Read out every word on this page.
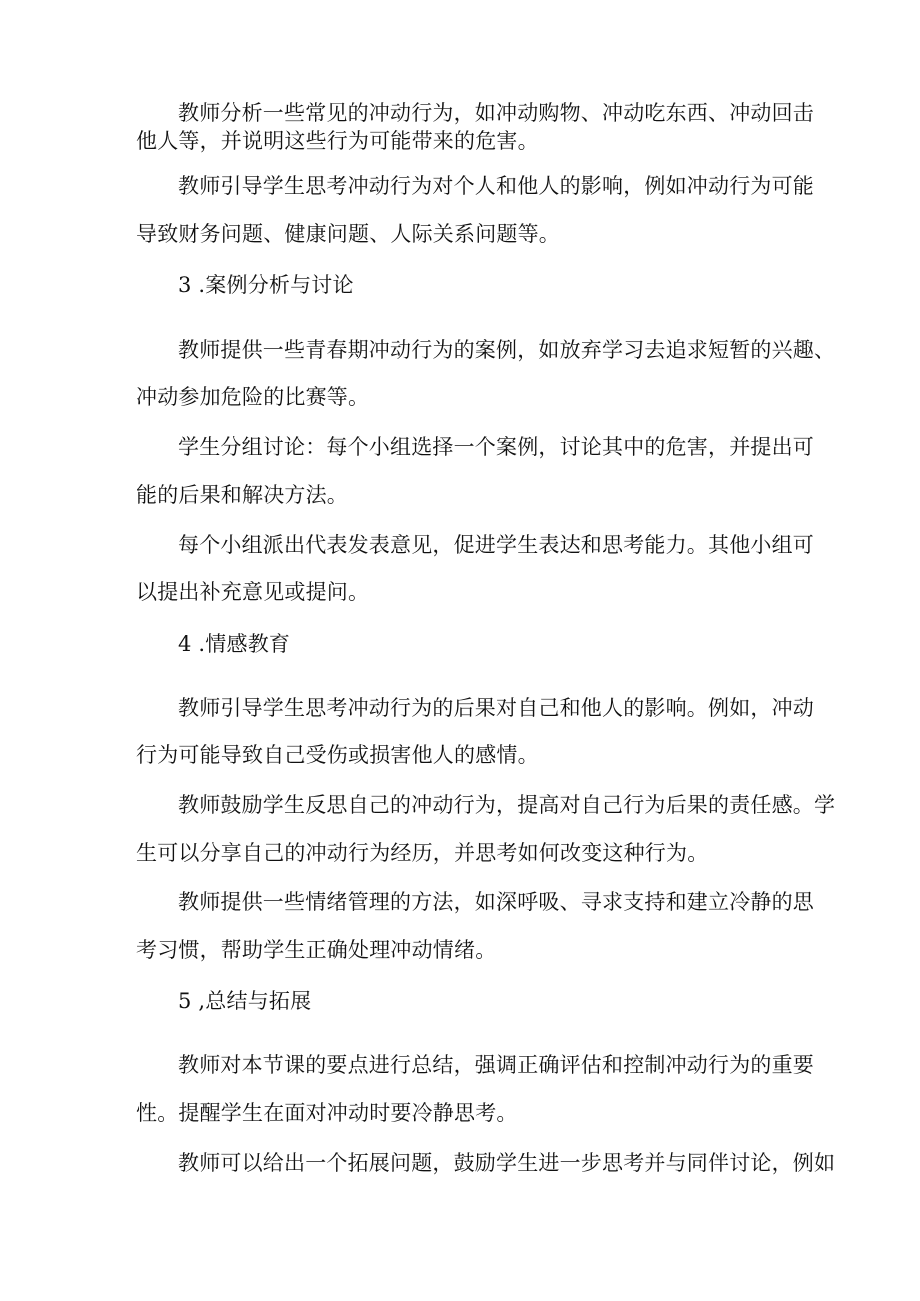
教师分析一些常见的冲动行为，如冲动购物、冲动吃东西、冲动回击
他人等，并说明这些行为可能带来的危害。
教师引导学生思考冲动行为对个人和他人的影响，例如冲动行为可能
导致财务问题、健康问题、人际关系问题等。
3 .案例分析与讨论
教师提供一些青春期冲动行为的案例，如放弃学习去追求短暂的兴趣、
冲动参加危险的比赛等。
学生分组讨论：每个小组选择一个案例，讨论其中的危害，并提出可
能的后果和解决方法。
每个小组派出代表发表意见，促进学生表达和思考能力。其他小组可
以提出补充意见或提问。
4 .情感教育
教师引导学生思考冲动行为的后果对自己和他人的影响。例如，冲动
行为可能导致自己受伤或损害他人的感情。
教师鼓励学生反思自己的冲动行为，提高对自己行为后果的责任感。学
生可以分享自己的冲动行为经历，并思考如何改变这种行为。
教师提供一些情绪管理的方法，如深呼吸、寻求支持和建立冷静的思
考习惯，帮助学生正确处理冲动情绪。
5 ,总结与拓展
教师对本节课的要点进行总结，强调正确评估和控制冲动行为的重要
性。提醒学生在面对冲动时要冷静思考。
教师可以给出一个拓展问题，鼓励学生进一步思考并与同伴讨论，例如
